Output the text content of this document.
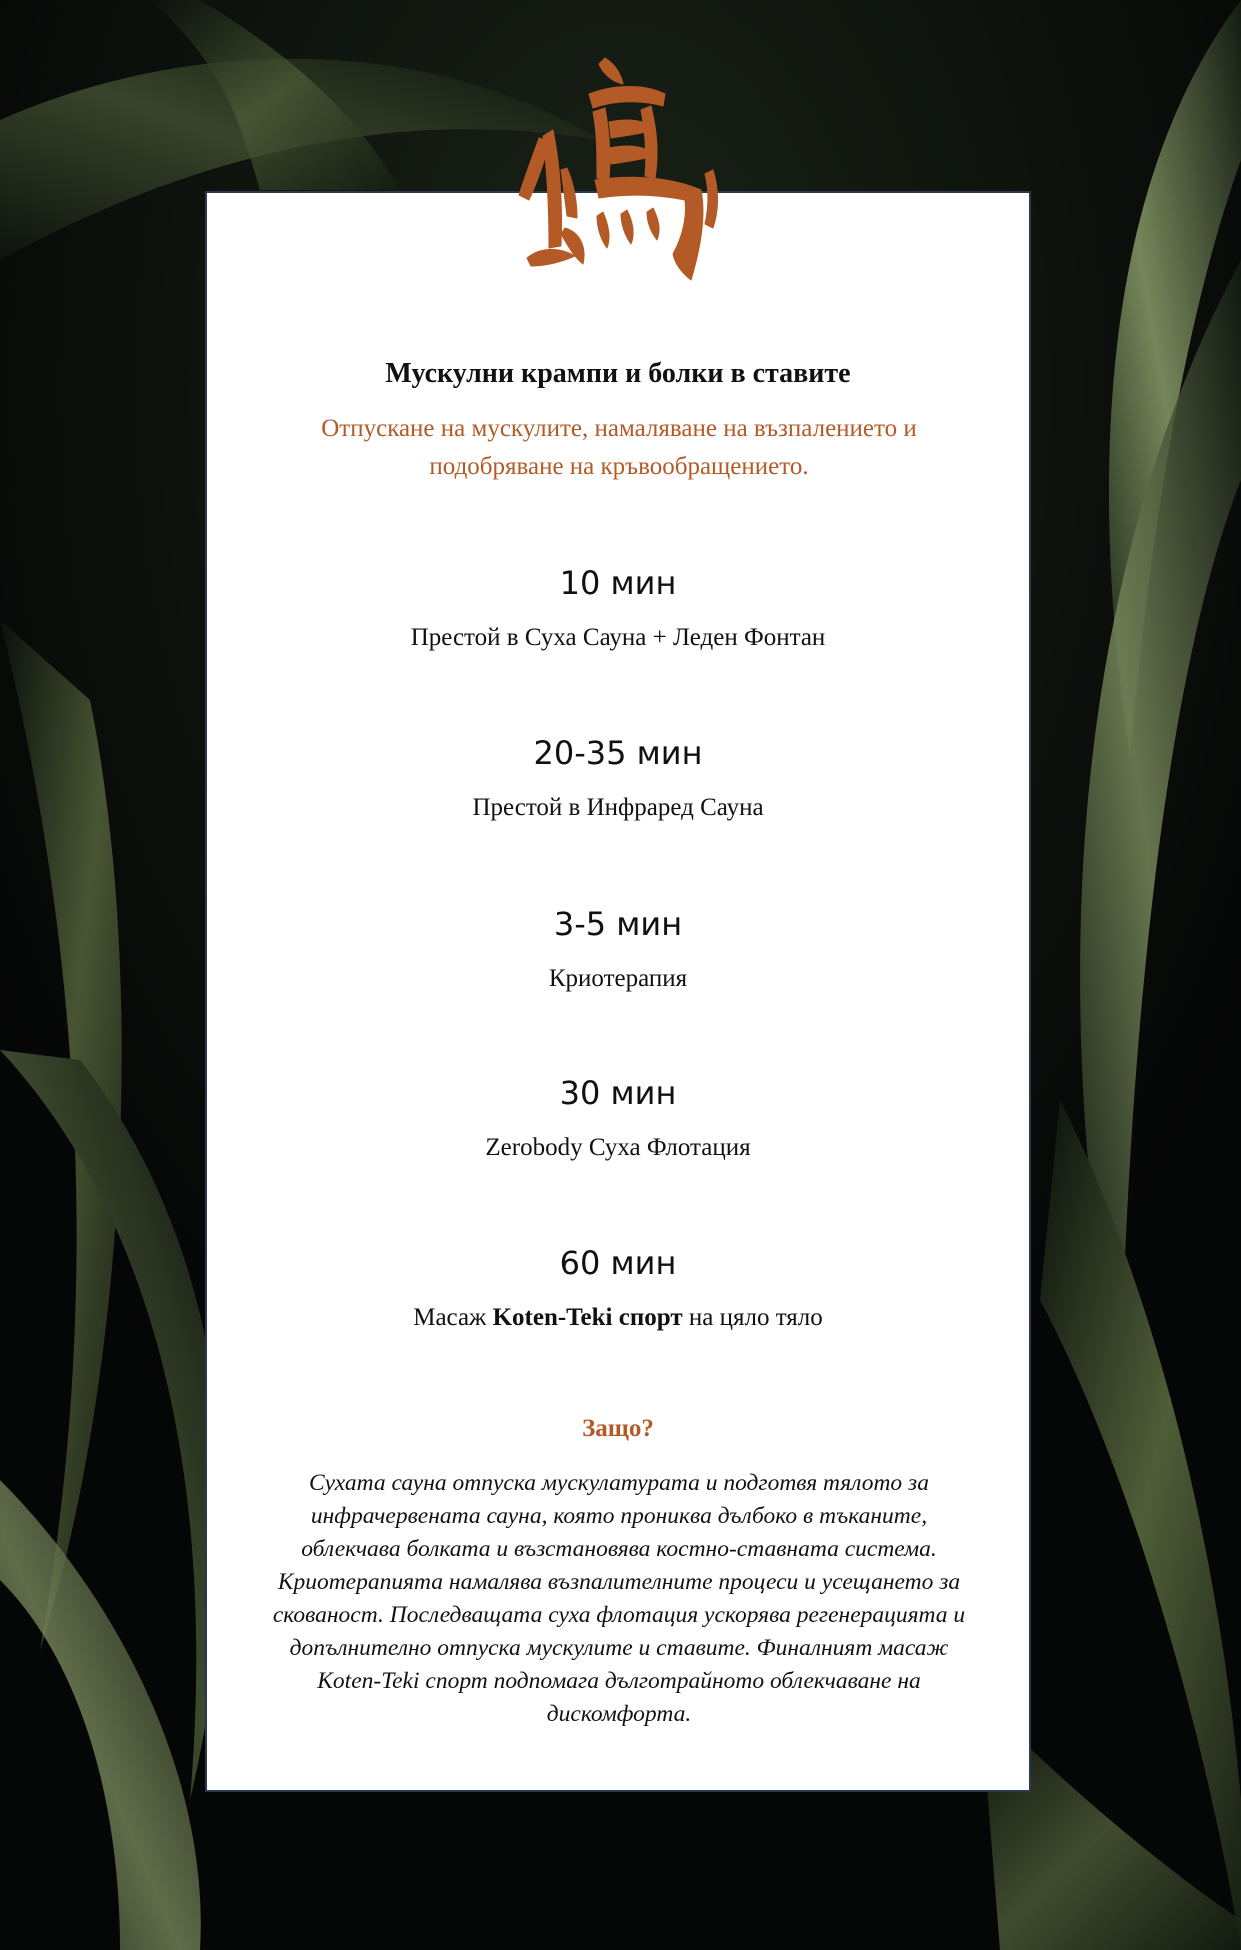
Мускулни крампи и болки в ставите

Отпускане на мускулите, намаляване на възпалението и подобряване на кръвообращението.

10 мин
Престой в Суха Сауна + Леден Фонтан
20-35 мин
Престой в Инфраред Сауна
3-5 мин
Криотерапия
30 мин
Zerobody Суха Флотация
60 мин
Масаж Koten-Teki спорт на цяло тяло
Защо?

Сухата сауна отпуска мускулатурата и подготвя тялото за инфрачервената сауна, която прониква дълбоко в тъканите, облекчава болката и възстановява костно-ставната система. Криотерапията намалява възпалителните процеси и усещането за скованост. Последващата суха флотация ускорява регенерацията и допълнително отпуска мускулите и ставите. Финалният масаж Koten-Teki спорт подпомага дълготрайното облекчаване на дискомфорта.
